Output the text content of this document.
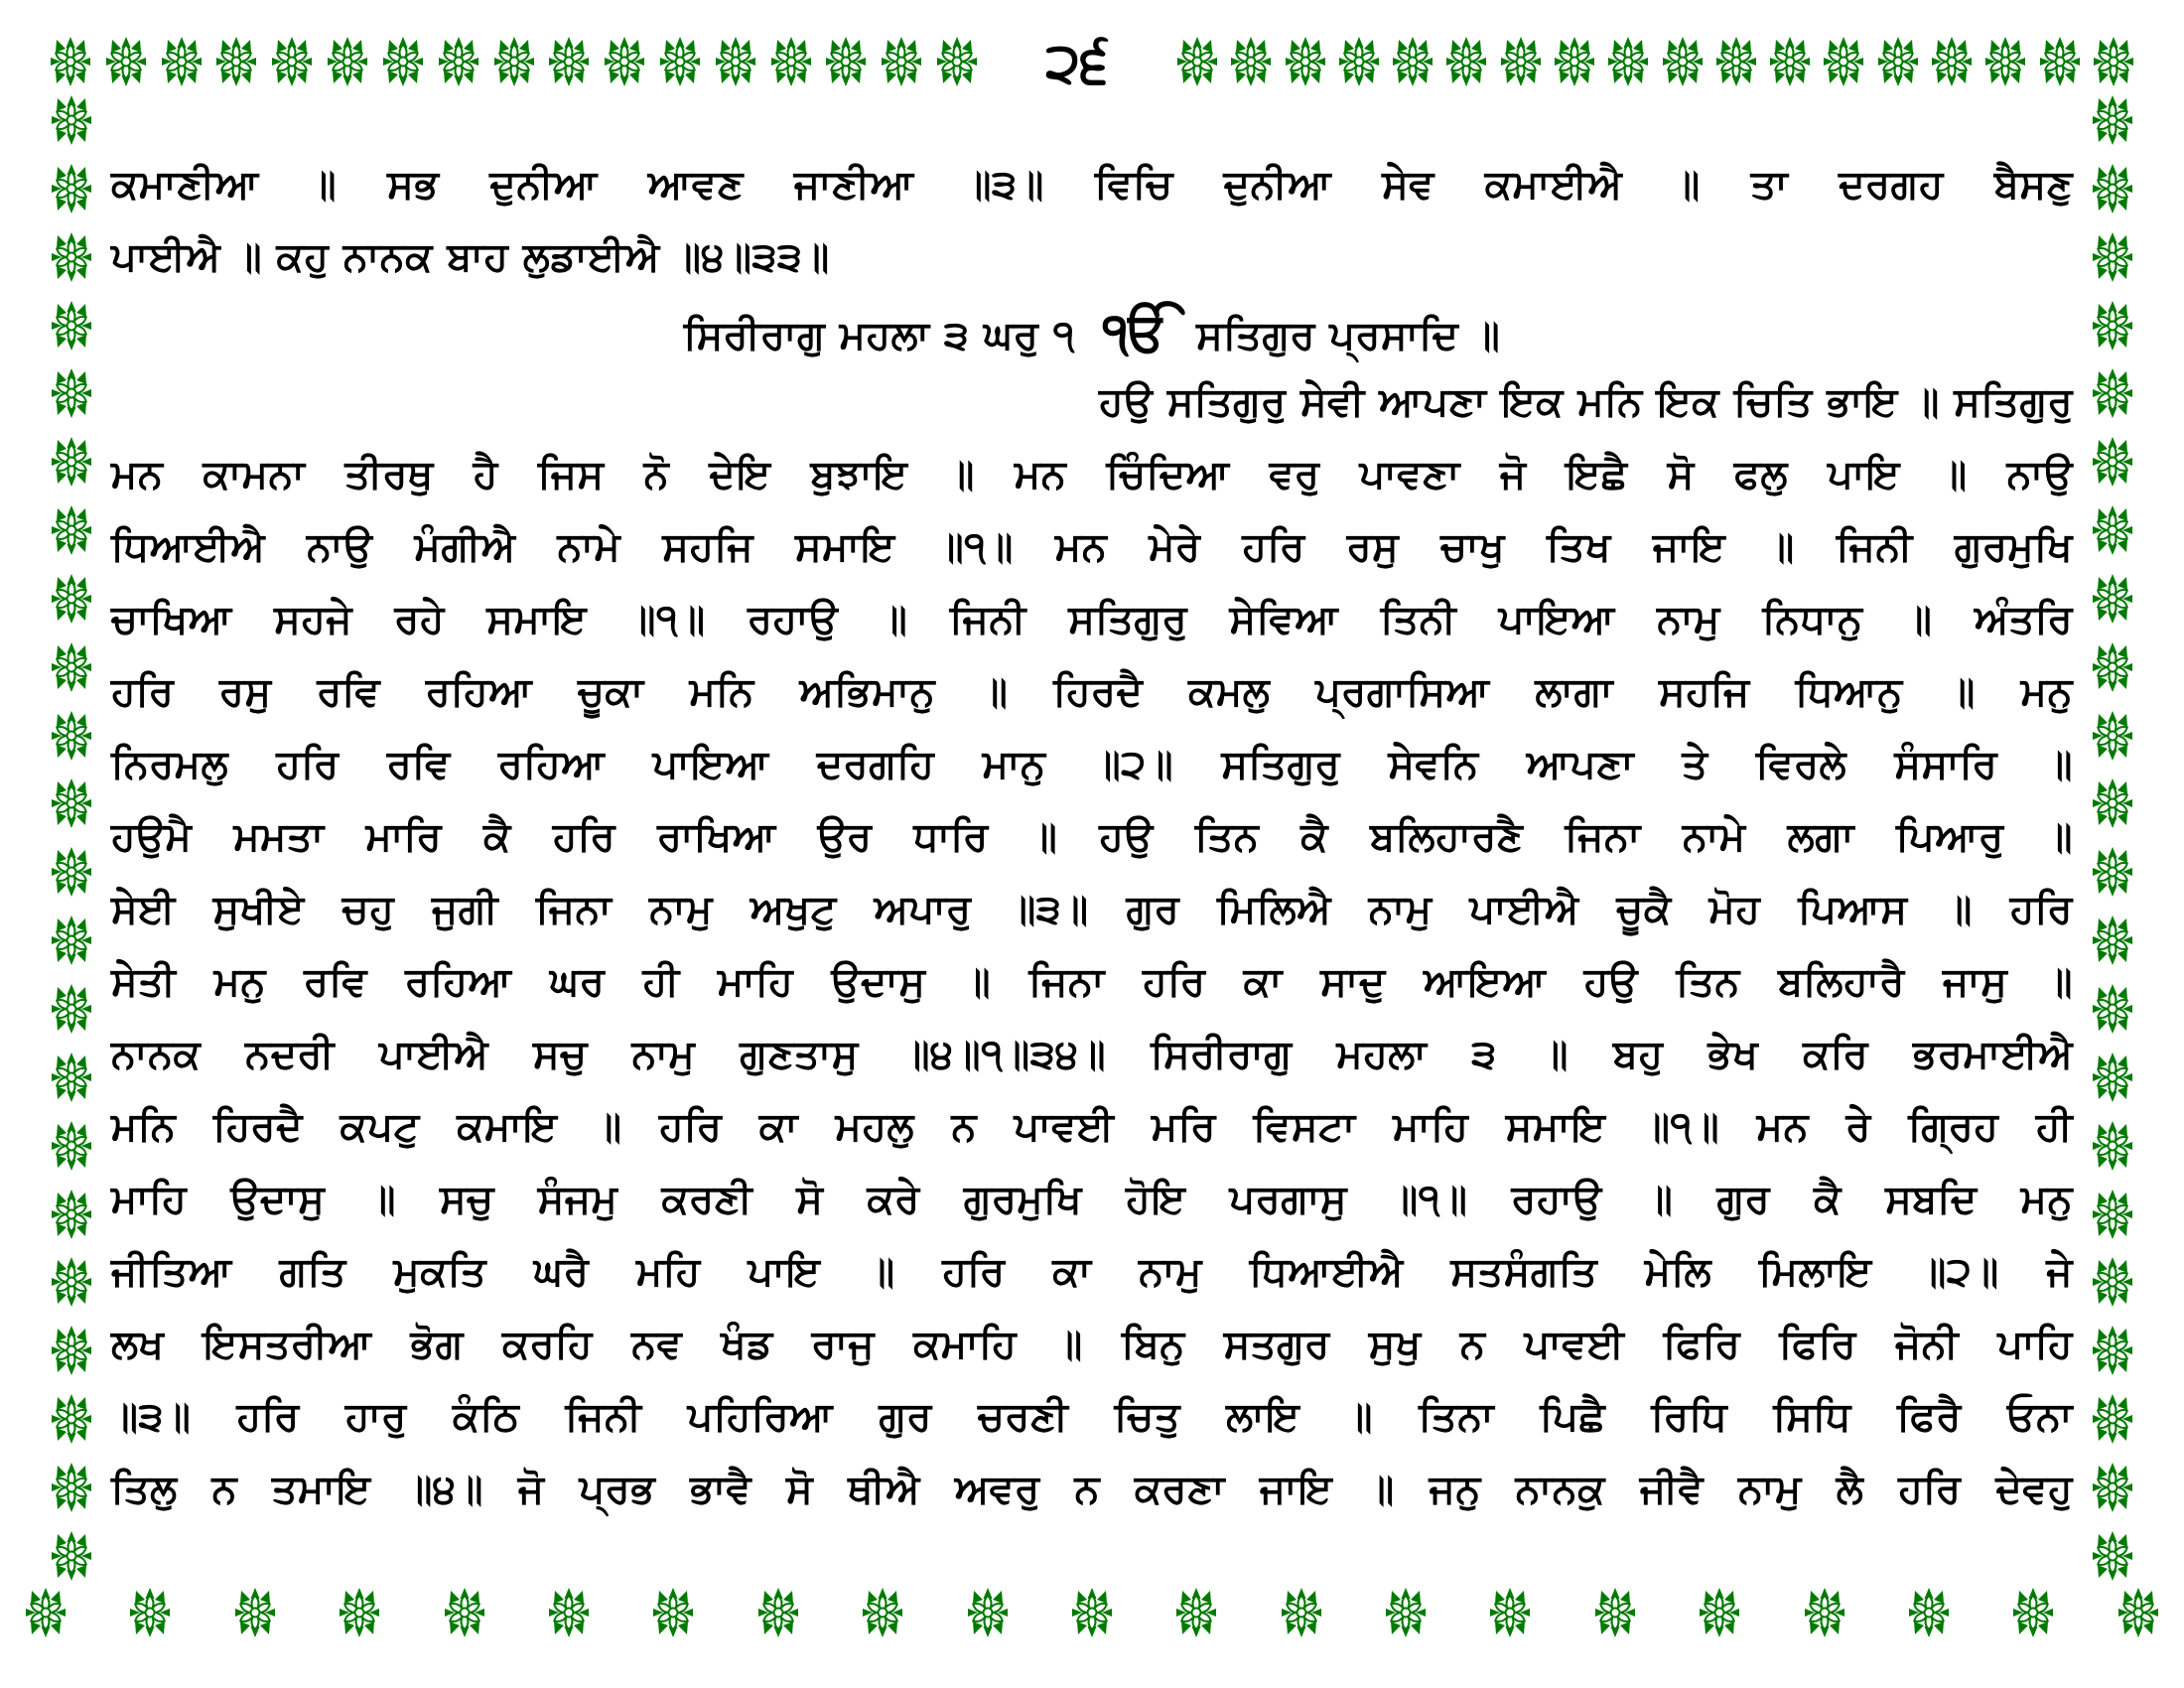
੨੬
ਕਮਾਣੀਆ ॥ ਸਭ ਦੁਨੀਆ ਆਵਣ ਜਾਣੀਆ ॥੩॥ ਵਿਚਿ ਦੁਨੀਆ ਸੇਵ ਕਮਾਈਐ ॥ ਤਾ ਦਰਗਹ ਬੈਸਣੁ
ਪਾਈਐ ॥ ਕਹੁ ਨਾਨਕ ਬਾਹ ਲੁਡਾਈਐ ॥੪॥੩੩॥
ਸਿਰੀਰਾਗੁ ਮਹਲਾ ੩ ਘਰੁ ੧ ੴ ਸਤਿਗੁਰ ਪ੍ਰਸਾਦਿ ॥
ਹਉ ਸਤਿਗੁਰੁ ਸੇਵੀ ਆਪਣਾ ਇਕ ਮਨਿ ਇਕ ਚਿਤਿ ਭਾਇ ॥ ਸਤਿਗੁਰੁ
ਮਨ ਕਾਮਨਾ ਤੀਰਥੁ ਹੈ ਜਿਸ ਨੋ ਦੇਇ ਬੁਝਾਇ ॥ ਮਨ ਚਿੰਦਿਆ ਵਰੁ ਪਾਵਣਾ ਜੋ ਇਛੈ ਸੋ ਫਲੁ ਪਾਇ ॥ ਨਾਉ
ਧਿਆਈਐ ਨਾਉ ਮੰਗੀਐ ਨਾਮੇ ਸਹਜਿ ਸਮਾਇ ॥੧॥ ਮਨ ਮੇਰੇ ਹਰਿ ਰਸੁ ਚਾਖੁ ਤਿਖ ਜਾਇ ॥ ਜਿਨੀ ਗੁਰਮੁਖਿ
ਚਾਖਿਆ ਸਹਜੇ ਰਹੇ ਸਮਾਇ ॥੧॥ ਰਹਾਉ ॥ ਜਿਨੀ ਸਤਿਗੁਰੁ ਸੇਵਿਆ ਤਿਨੀ ਪਾਇਆ ਨਾਮੁ ਨਿਧਾਨੁ ॥ ਅੰਤਰਿ
ਹਰਿ ਰਸੁ ਰਵਿ ਰਹਿਆ ਚੂਕਾ ਮਨਿ ਅਭਿਮਾਨੁ ॥ ਹਿਰਦੈ ਕਮਲੁ ਪ੍ਰਗਾਸਿਆ ਲਾਗਾ ਸਹਜਿ ਧਿਆਨੁ ॥ ਮਨੁ
ਨਿਰਮਲੁ ਹਰਿ ਰਵਿ ਰਹਿਆ ਪਾਇਆ ਦਰਗਹਿ ਮਾਨੁ ॥੨॥ ਸਤਿਗੁਰੁ ਸੇਵਨਿ ਆਪਣਾ ਤੇ ਵਿਰਲੇ ਸੰਸਾਰਿ ॥
ਹਉਮੈ ਮਮਤਾ ਮਾਰਿ ਕੈ ਹਰਿ ਰਾਖਿਆ ਉਰ ਧਾਰਿ ॥ ਹਉ ਤਿਨ ਕੈ ਬਲਿਹਾਰਣੈ ਜਿਨਾ ਨਾਮੇ ਲਗਾ ਪਿਆਰੁ ॥
ਸੇਈ ਸੁਖੀਏ ਚਹੁ ਜੁਗੀ ਜਿਨਾ ਨਾਮੁ ਅਖੁਟੁ ਅਪਾਰੁ ॥੩॥ ਗੁਰ ਮਿਲਿਐ ਨਾਮੁ ਪਾਈਐ ਚੂਕੈ ਮੋਹ ਪਿਆਸ ॥ ਹਰਿ
ਸੇਤੀ ਮਨੁ ਰਵਿ ਰਹਿਆ ਘਰ ਹੀ ਮਾਹਿ ਉਦਾਸੁ ॥ ਜਿਨਾ ਹਰਿ ਕਾ ਸਾਦੁ ਆਇਆ ਹਉ ਤਿਨ ਬਲਿਹਾਰੈ ਜਾਸੁ ॥
ਨਾਨਕ ਨਦਰੀ ਪਾਈਐ ਸਚੁ ਨਾਮੁ ਗੁਣਤਾਸੁ ॥੪॥੧॥੩੪॥ ਸਿਰੀਰਾਗੁ ਮਹਲਾ ੩ ॥ ਬਹੁ ਭੇਖ ਕਰਿ ਭਰਮਾਈਐ
ਮਨਿ ਹਿਰਦੈ ਕਪਟੁ ਕਮਾਇ ॥ ਹਰਿ ਕਾ ਮਹਲੁ ਨ ਪਾਵਈ ਮਰਿ ਵਿਸਟਾ ਮਾਹਿ ਸਮਾਇ ॥੧॥ ਮਨ ਰੇ ਗ੍ਰਿਹ ਹੀ
ਮਾਹਿ ਉਦਾਸੁ ॥ ਸਚੁ ਸੰਜਮੁ ਕਰਣੀ ਸੋ ਕਰੇ ਗੁਰਮੁਖਿ ਹੋਇ ਪਰਗਾਸੁ ॥੧॥ ਰਹਾਉ ॥ ਗੁਰ ਕੈ ਸਬਦਿ ਮਨੁ
ਜੀਤਿਆ ਗਤਿ ਮੁਕਤਿ ਘਰੈ ਮਹਿ ਪਾਇ ॥ ਹਰਿ ਕਾ ਨਾਮੁ ਧਿਆਈਐ ਸਤਸੰਗਤਿ ਮੇਲਿ ਮਿਲਾਇ ॥੨॥ ਜੇ
ਲਖ ਇਸਤਰੀਆ ਭੋਗ ਕਰਹਿ ਨਵ ਖੰਡ ਰਾਜੁ ਕਮਾਹਿ ॥ ਬਿਨੁ ਸਤਗੁਰ ਸੁਖੁ ਨ ਪਾਵਈ ਫਿਰਿ ਫਿਰਿ ਜੋਨੀ ਪਾਹਿ
॥੩॥ ਹਰਿ ਹਾਰੁ ਕੰਠਿ ਜਿਨੀ ਪਹਿਰਿਆ ਗੁਰ ਚਰਣੀ ਚਿਤੁ ਲਾਇ ॥ ਤਿਨਾ ਪਿਛੈ ਰਿਧਿ ਸਿਧਿ ਫਿਰੈ ਓਨਾ
ਤਿਲੁ ਨ ਤਮਾਇ ॥੪॥ ਜੋ ਪ੍ਰਭ ਭਾਵੈ ਸੋ ਥੀਐ ਅਵਰੁ ਨ ਕਰਣਾ ਜਾਇ ॥ ਜਨੁ ਨਾਨਕੁ ਜੀਵੈ ਨਾਮੁ ਲੈ ਹਰਿ ਦੇਵਹੁ
